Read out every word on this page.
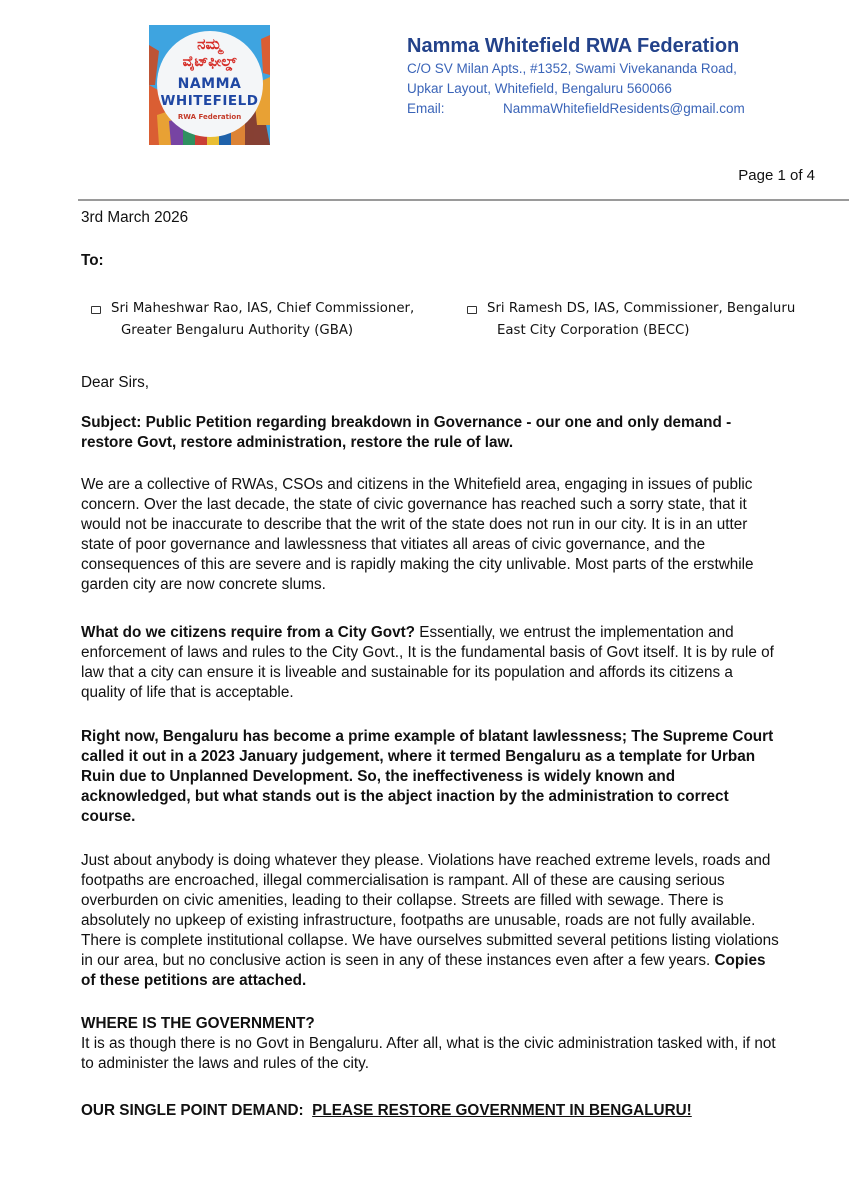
ನಮ್ಮ
ವೈಟ್‌ಫೀಲ್ಡ್
NAMMA
WHITEFIELD
RWA Federation
Namma Whitefield RWA Federation
C/O SV Milan Apts., #1352, Swami Vivekananda Road,
Upkar Layout, Whitefield, Bengaluru 560066
Email:	NammaWhitefieldResidents@gmail.com
Page 1 of 4
3rd March 2026
To:
Sri Maheshwar Rao, IAS, Chief Commissioner,
Greater Bengaluru Authority (GBA)
Sri Ramesh DS, IAS, Commissioner, Bengaluru
East City Corporation (BECC)
Dear Sirs,
Subject: Public Petition regarding breakdown in Governance - our one and only demand - restore Govt, restore administration, restore the rule of law.
We are a collective of RWAs, CSOs and citizens in the Whitefield area, engaging in issues of public concern. Over the last decade, the state of civic governance has reached such a sorry state, that it would not be inaccurate to describe that the writ of the state does not run in our city. It is in an utter state of poor governance and lawlessness that vitiates all areas of civic governance, and the consequences of this are severe and is rapidly making the city unlivable. Most parts of the erstwhile garden city are now concrete slums.
What do we citizens require from a City Govt? Essentially, we entrust the implementation and enforcement of laws and rules to the City Govt., It is the fundamental basis of Govt itself. It is by rule of law that a city can ensure it is liveable and sustainable for its population and affords its citizens a quality of life that is acceptable.
Right now, Bengaluru has become a prime example of blatant lawlessness; The Supreme Court called it out in a 2023 January judgement, where it termed Bengaluru as a template for Urban Ruin due to Unplanned Development. So, the ineffectiveness is widely known and acknowledged, but what stands out is the abject inaction by the administration to correct course.
Just about anybody is doing whatever they please. Violations have reached extreme levels, roads and footpaths are encroached, illegal commercialisation is rampant. All of these are causing serious overburden on civic amenities, leading to their collapse. Streets are filled with sewage. There is absolutely no upkeep of existing infrastructure, footpaths are unusable, roads are not fully available. There is complete institutional collapse. We have ourselves submitted several petitions listing violations in our area, but no conclusive action is seen in any of these instances even after a few years. Copies of these petitions are attached.
WHERE IS THE GOVERNMENT?
It is as though there is no Govt in Bengaluru. After all, what is the civic administration tasked with, if not to administer the laws and rules of the city.
OUR SINGLE POINT DEMAND:  PLEASE RESTORE GOVERNMENT IN BENGALURU!
